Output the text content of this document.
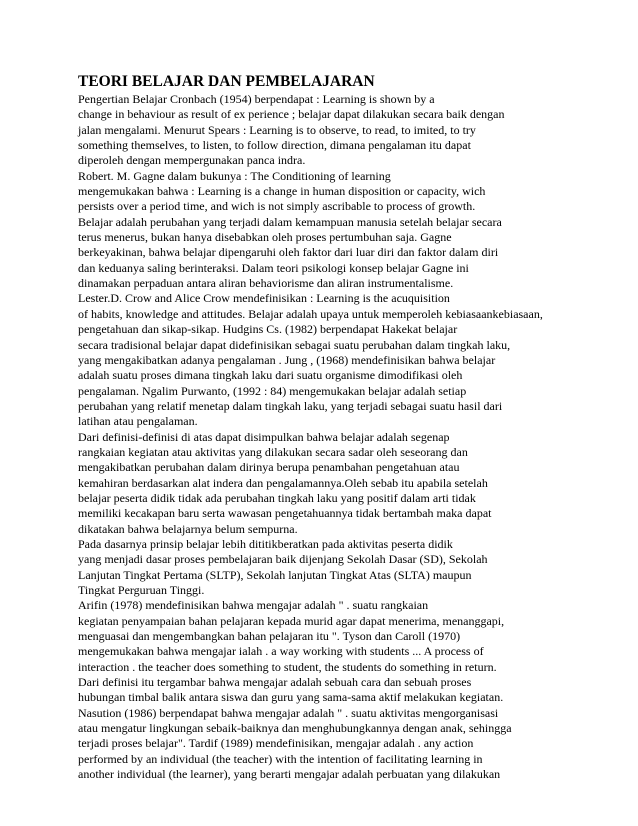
TEORI BELAJAR DAN PEMBELAJARAN
Pengertian Belajar Cronbach (1954) berpendapat : Learning is shown by a
change in behaviour as result of ex perience ; belajar dapat dilakukan secara baik dengan
jalan mengalami. Menurut Spears : Learning is to observe, to read, to imited, to try
something themselves, to listen, to follow direction, dimana pengalaman itu dapat
diperoleh dengan mempergunakan panca indra.
Robert. M. Gagne dalam bukunya : The Conditioning of learning
mengemukakan bahwa : Learning is a change in human disposition or capacity, wich
persists over a period time, and wich is not simply ascribable to process of growth.
Belajar adalah perubahan yang terjadi dalam kemampuan manusia setelah belajar secara
terus menerus, bukan hanya disebabkan oleh proses pertumbuhan saja. Gagne
berkeyakinan, bahwa belajar dipengaruhi oleh faktor dari luar diri dan faktor dalam diri
dan keduanya saling berinteraksi. Dalam teori psikologi konsep belajar Gagne ini
dinamakan perpaduan antara aliran behaviorisme dan aliran instrumentalisme.
Lester.D. Crow and Alice Crow mendefinisikan : Learning is the acuquisition
of habits, knowledge and attitudes. Belajar adalah upaya untuk memperoleh kebiasaankebiasaan,
pengetahuan dan sikap-sikap. Hudgins Cs. (1982) berpendapat Hakekat belajar
secara tradisional belajar dapat didefinisikan sebagai suatu perubahan dalam tingkah laku,
yang mengakibatkan adanya pengalaman . Jung , (1968) mendefinisikan bahwa belajar
adalah suatu proses dimana tingkah laku dari suatu organisme dimodifikasi oleh
pengalaman. Ngalim Purwanto, (1992 : 84) mengemukakan belajar adalah setiap
perubahan yang relatif menetap dalam tingkah laku, yang terjadi sebagai suatu hasil dari
latihan atau pengalaman.
Dari definisi-definisi di atas dapat disimpulkan bahwa belajar adalah segenap
rangkaian kegiatan atau aktivitas yang dilakukan secara sadar oleh seseorang dan
mengakibatkan perubahan dalam dirinya berupa penambahan pengetahuan atau
kemahiran berdasarkan alat indera dan pengalamannya.Oleh sebab itu apabila setelah
belajar peserta didik tidak ada perubahan tingkah laku yang positif dalam arti tidak
memiliki kecakapan baru serta wawasan pengetahuannya tidak bertambah maka dapat
dikatakan bahwa belajarnya belum sempurna.
Pada dasarnya prinsip belajar lebih dititikberatkan pada aktivitas peserta didik
yang menjadi dasar proses pembelajaran baik dijenjang Sekolah Dasar (SD), Sekolah
Lanjutan Tingkat Pertama (SLTP), Sekolah lanjutan Tingkat Atas (SLTA) maupun
Tingkat Perguruan Tinggi.
Arifin (1978) mendefinisikan bahwa mengajar adalah " . suatu rangkaian
kegiatan penyampaian bahan pelajaran kepada murid agar dapat menerima, menanggapi,
menguasai dan mengembangkan bahan pelajaran itu ". Tyson dan Caroll (1970)
mengemukakan bahwa mengajar ialah . a way working with students ... A process of
interaction . the teacher does something to student, the students do something in return.
Dari definisi itu tergambar bahwa mengajar adalah sebuah cara dan sebuah proses
hubungan timbal balik antara siswa dan guru yang sama-sama aktif melakukan kegiatan.
Nasution (1986) berpendapat bahwa mengajar adalah " . suatu aktivitas mengorganisasi
atau mengatur lingkungan sebaik-baiknya dan menghubungkannya dengan anak, sehingga
terjadi proses belajar". Tardif (1989) mendefinisikan, mengajar adalah . any action
performed by an individual (the teacher) with the intention of facilitating learning in
another individual (the learner), yang berarti mengajar adalah perbuatan yang dilakukan
